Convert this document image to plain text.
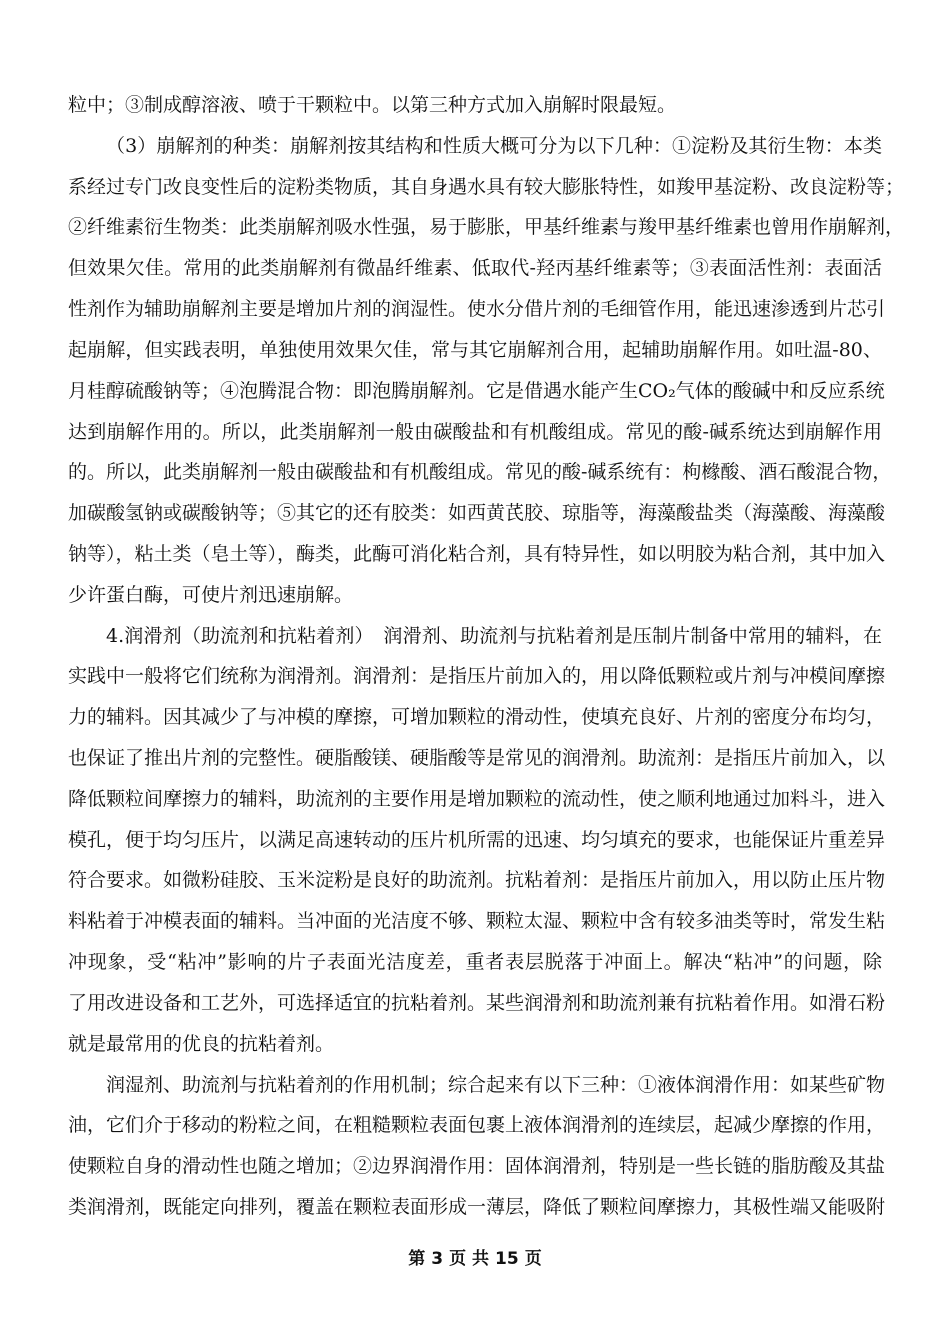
粒中；③制成醇溶液、喷于干颗粒中。以第三种方式加入崩解时限最短。
（3）崩解剂的种类：崩解剂按其结构和性质大概可分为以下几种：①淀粉及其衍生物：本类
系经过专门改良变性后的淀粉类物质，其自身遇水具有较大膨胀特性，如羧甲基淀粉、改良淀粉等；
②纤维素衍生物类：此类崩解剂吸水性强，易于膨胀，甲基纤维素与羧甲基纤维素也曾用作崩解剂，
但效果欠佳。常用的此类崩解剂有微晶纤维素、低取代-羟丙基纤维素等；③表面活性剂：表面活
性剂作为辅助崩解剂主要是增加片剂的润湿性。使水分借片剂的毛细管作用，能迅速渗透到片芯引
起崩解，但实践表明，单独使用效果欠佳，常与其它崩解剂合用，起辅助崩解作用。如吐温-80、
月桂醇硫酸钠等；④泡腾混合物：即泡腾崩解剂。它是借遇水能产生CO₂气体的酸碱中和反应系统
达到崩解作用的。所以，此类崩解剂一般由碳酸盐和有机酸组成。常见的酸-碱系统达到崩解作用
的。所以，此类崩解剂一般由碳酸盐和有机酸组成。常见的酸-碱系统有：枸橼酸、酒石酸混合物，
加碳酸氢钠或碳酸钠等；⑤其它的还有胶类：如西黄芪胶、琼脂等，海藻酸盐类（海藻酸、海藻酸
钠等），粘土类（皂土等），酶类，此酶可消化粘合剂，具有特异性，如以明胶为粘合剂，其中加入
少许蛋白酶，可使片剂迅速崩解。
4.润滑剂（助流剂和抗粘着剂）　润滑剂、助流剂与抗粘着剂是压制片制备中常用的辅料，在
实践中一般将它们统称为润滑剂。润滑剂：是指压片前加入的，用以降低颗粒或片剂与冲模间摩擦
力的辅料。因其减少了与冲模的摩擦，可增加颗粒的滑动性，使填充良好、片剂的密度分布均匀，
也保证了推出片剂的完整性。硬脂酸镁、硬脂酸等是常见的润滑剂。助流剂：是指压片前加入，以
降低颗粒间摩擦力的辅料，助流剂的主要作用是增加颗粒的流动性，使之顺利地通过加料斗，进入
模孔，便于均匀压片，以满足高速转动的压片机所需的迅速、均匀填充的要求，也能保证片重差异
符合要求。如微粉硅胶、玉米淀粉是良好的助流剂。抗粘着剂：是指压片前加入，用以防止压片物
料粘着于冲模表面的辅料。当冲面的光洁度不够、颗粒太湿、颗粒中含有较多油类等时，常发生粘
冲现象，受“粘冲”影响的片子表面光洁度差，重者表层脱落于冲面上。解决“粘冲”的问题，除
了用改进设备和工艺外，可选择适宜的抗粘着剂。某些润滑剂和助流剂兼有抗粘着作用。如滑石粉
就是最常用的优良的抗粘着剂。
润湿剂、助流剂与抗粘着剂的作用机制；综合起来有以下三种：①液体润滑作用：如某些矿物
油，它们介于移动的粉粒之间，在粗糙颗粒表面包裹上液体润滑剂的连续层，起减少摩擦的作用，
使颗粒自身的滑动性也随之增加；②边界润滑作用：固体润滑剂，特别是一些长链的脂肪酸及其盐
类润滑剂，既能定向排列，覆盖在颗粒表面形成一薄层，降低了颗粒间摩擦力，其极性端又能吸附
第 3 页 共 15 页
